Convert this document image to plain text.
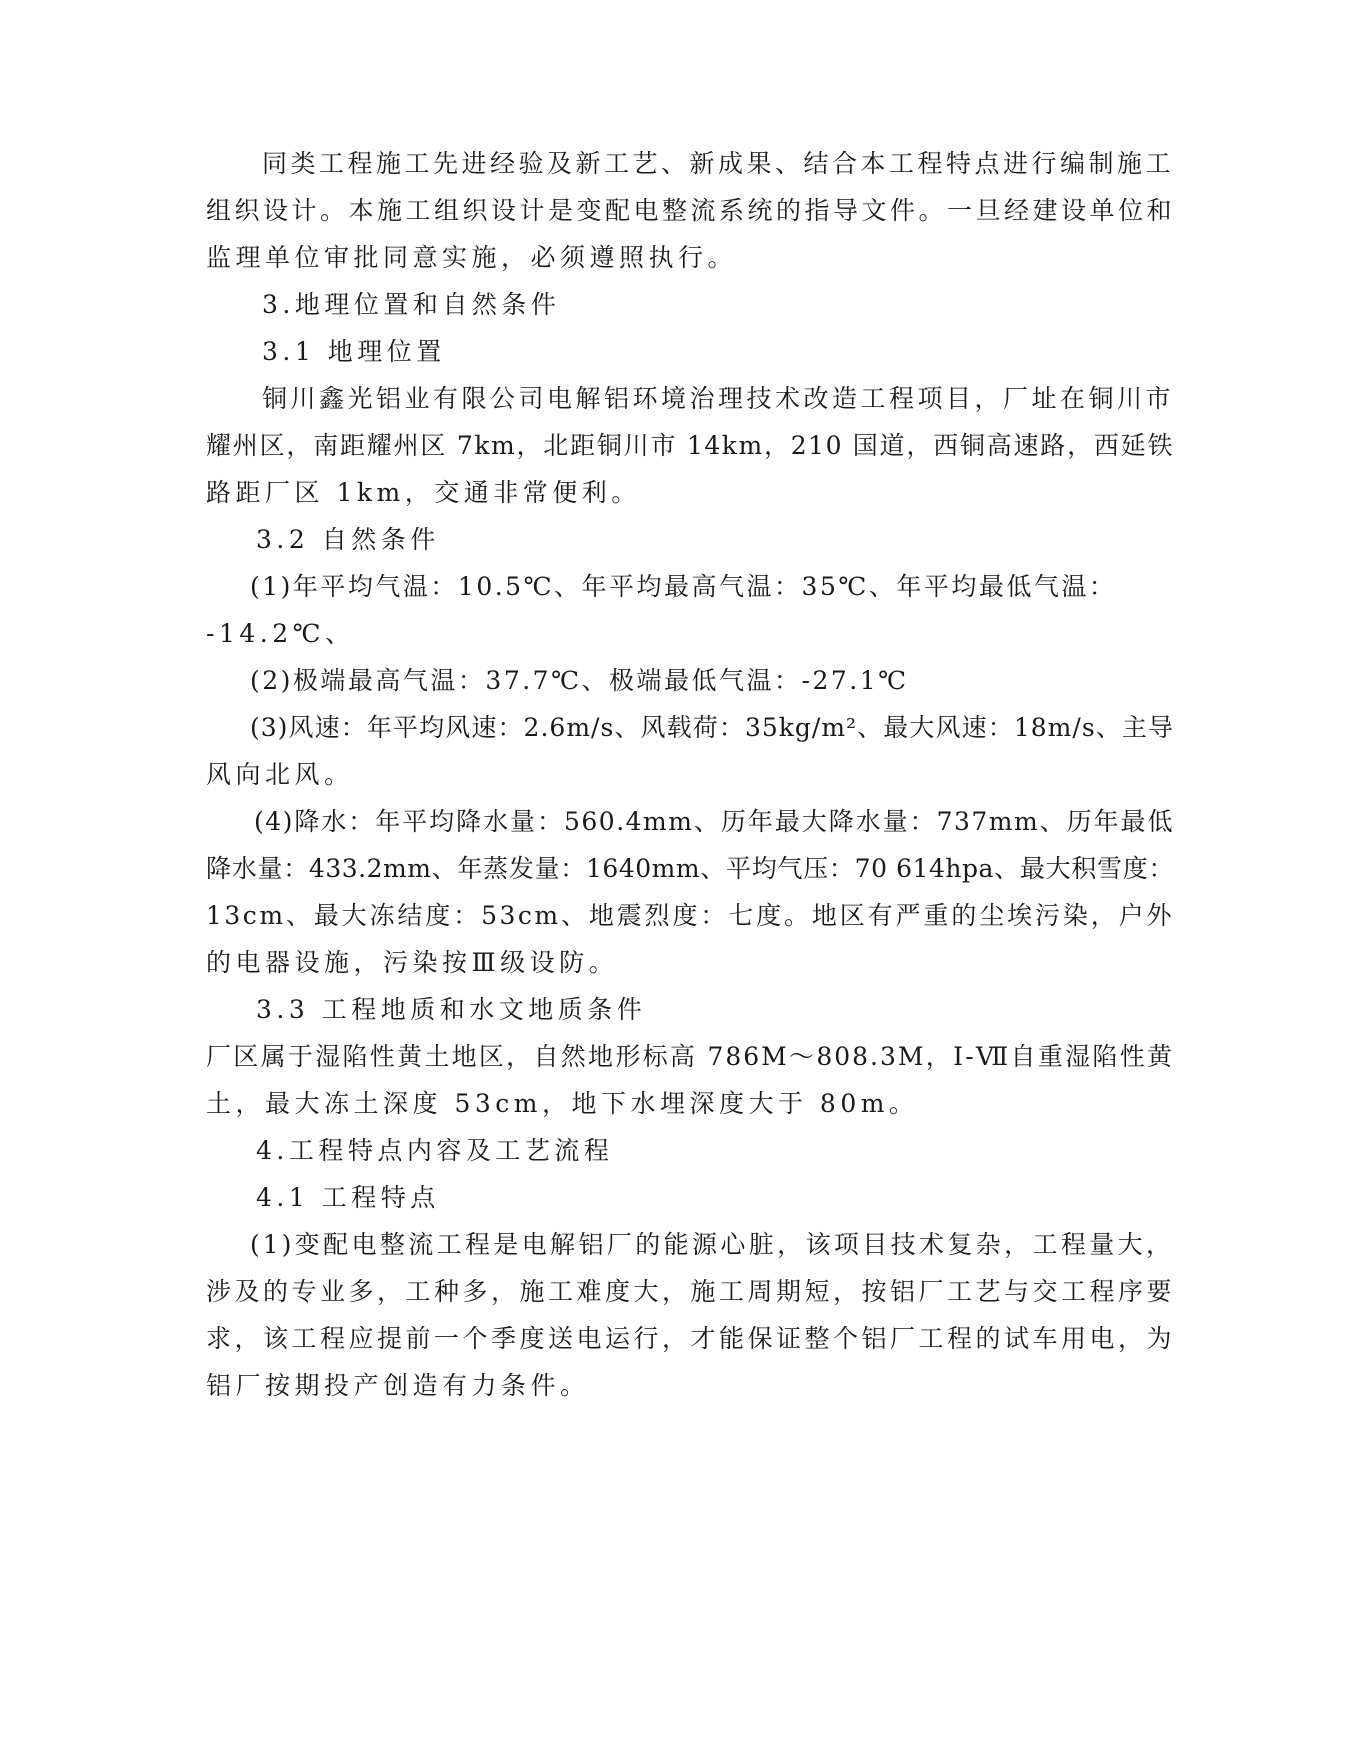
同类工程施工先进经验及新工艺、新成果、结合本工程特点进行编制施工
组织设计。本施工组织设计是变配电整流系统的指导文件。一旦经建设单位和
监理单位审批同意实施，必须遵照执行。
3.地理位置和自然条件
3.1 地理位置
铜川鑫光铝业有限公司电解铝环境治理技术改造工程项目，厂址在铜川市
耀州区，南距耀州区 7km，北距铜川市 14km，210 国道，西铜高速路，西延铁
路距厂区 1km，交通非常便利。
3.2 自然条件
(1)年平均气温：10.5℃、年平均最高气温：35℃、年平均最低气温：
-14.2℃、
(2)极端最高气温：37.7℃、极端最低气温：-27.1℃
(3)风速：年平均风速：2.6m/s、风载荷：35kg/m²、最大风速：18m/s、主导
风向北风。
(4)降水：年平均降水量：560.4mm、历年最大降水量：737mm、历年最低
降水量：433.2mm、年蒸发量：1640mm、平均气压：70 614hpa、最大积雪度：
13cm、最大冻结度：53cm、地震烈度：七度。地区有严重的尘埃污染，户外
的电器设施，污染按Ⅲ级设防。
3.3 工程地质和水文地质条件
厂区属于湿陷性黄土地区，自然地形标高 786M～808.3M，Ⅰ-Ⅶ自重湿陷性黄
土，最大冻土深度 53cm，地下水埋深度大于 80m。
4.工程特点内容及工艺流程
4.1 工程特点
(1)变配电整流工程是电解铝厂的能源心脏，该项目技术复杂，工程量大，
涉及的专业多，工种多，施工难度大，施工周期短，按铝厂工艺与交工程序要
求，该工程应提前一个季度送电运行，才能保证整个铝厂工程的试车用电，为
铝厂按期投产创造有力条件。
